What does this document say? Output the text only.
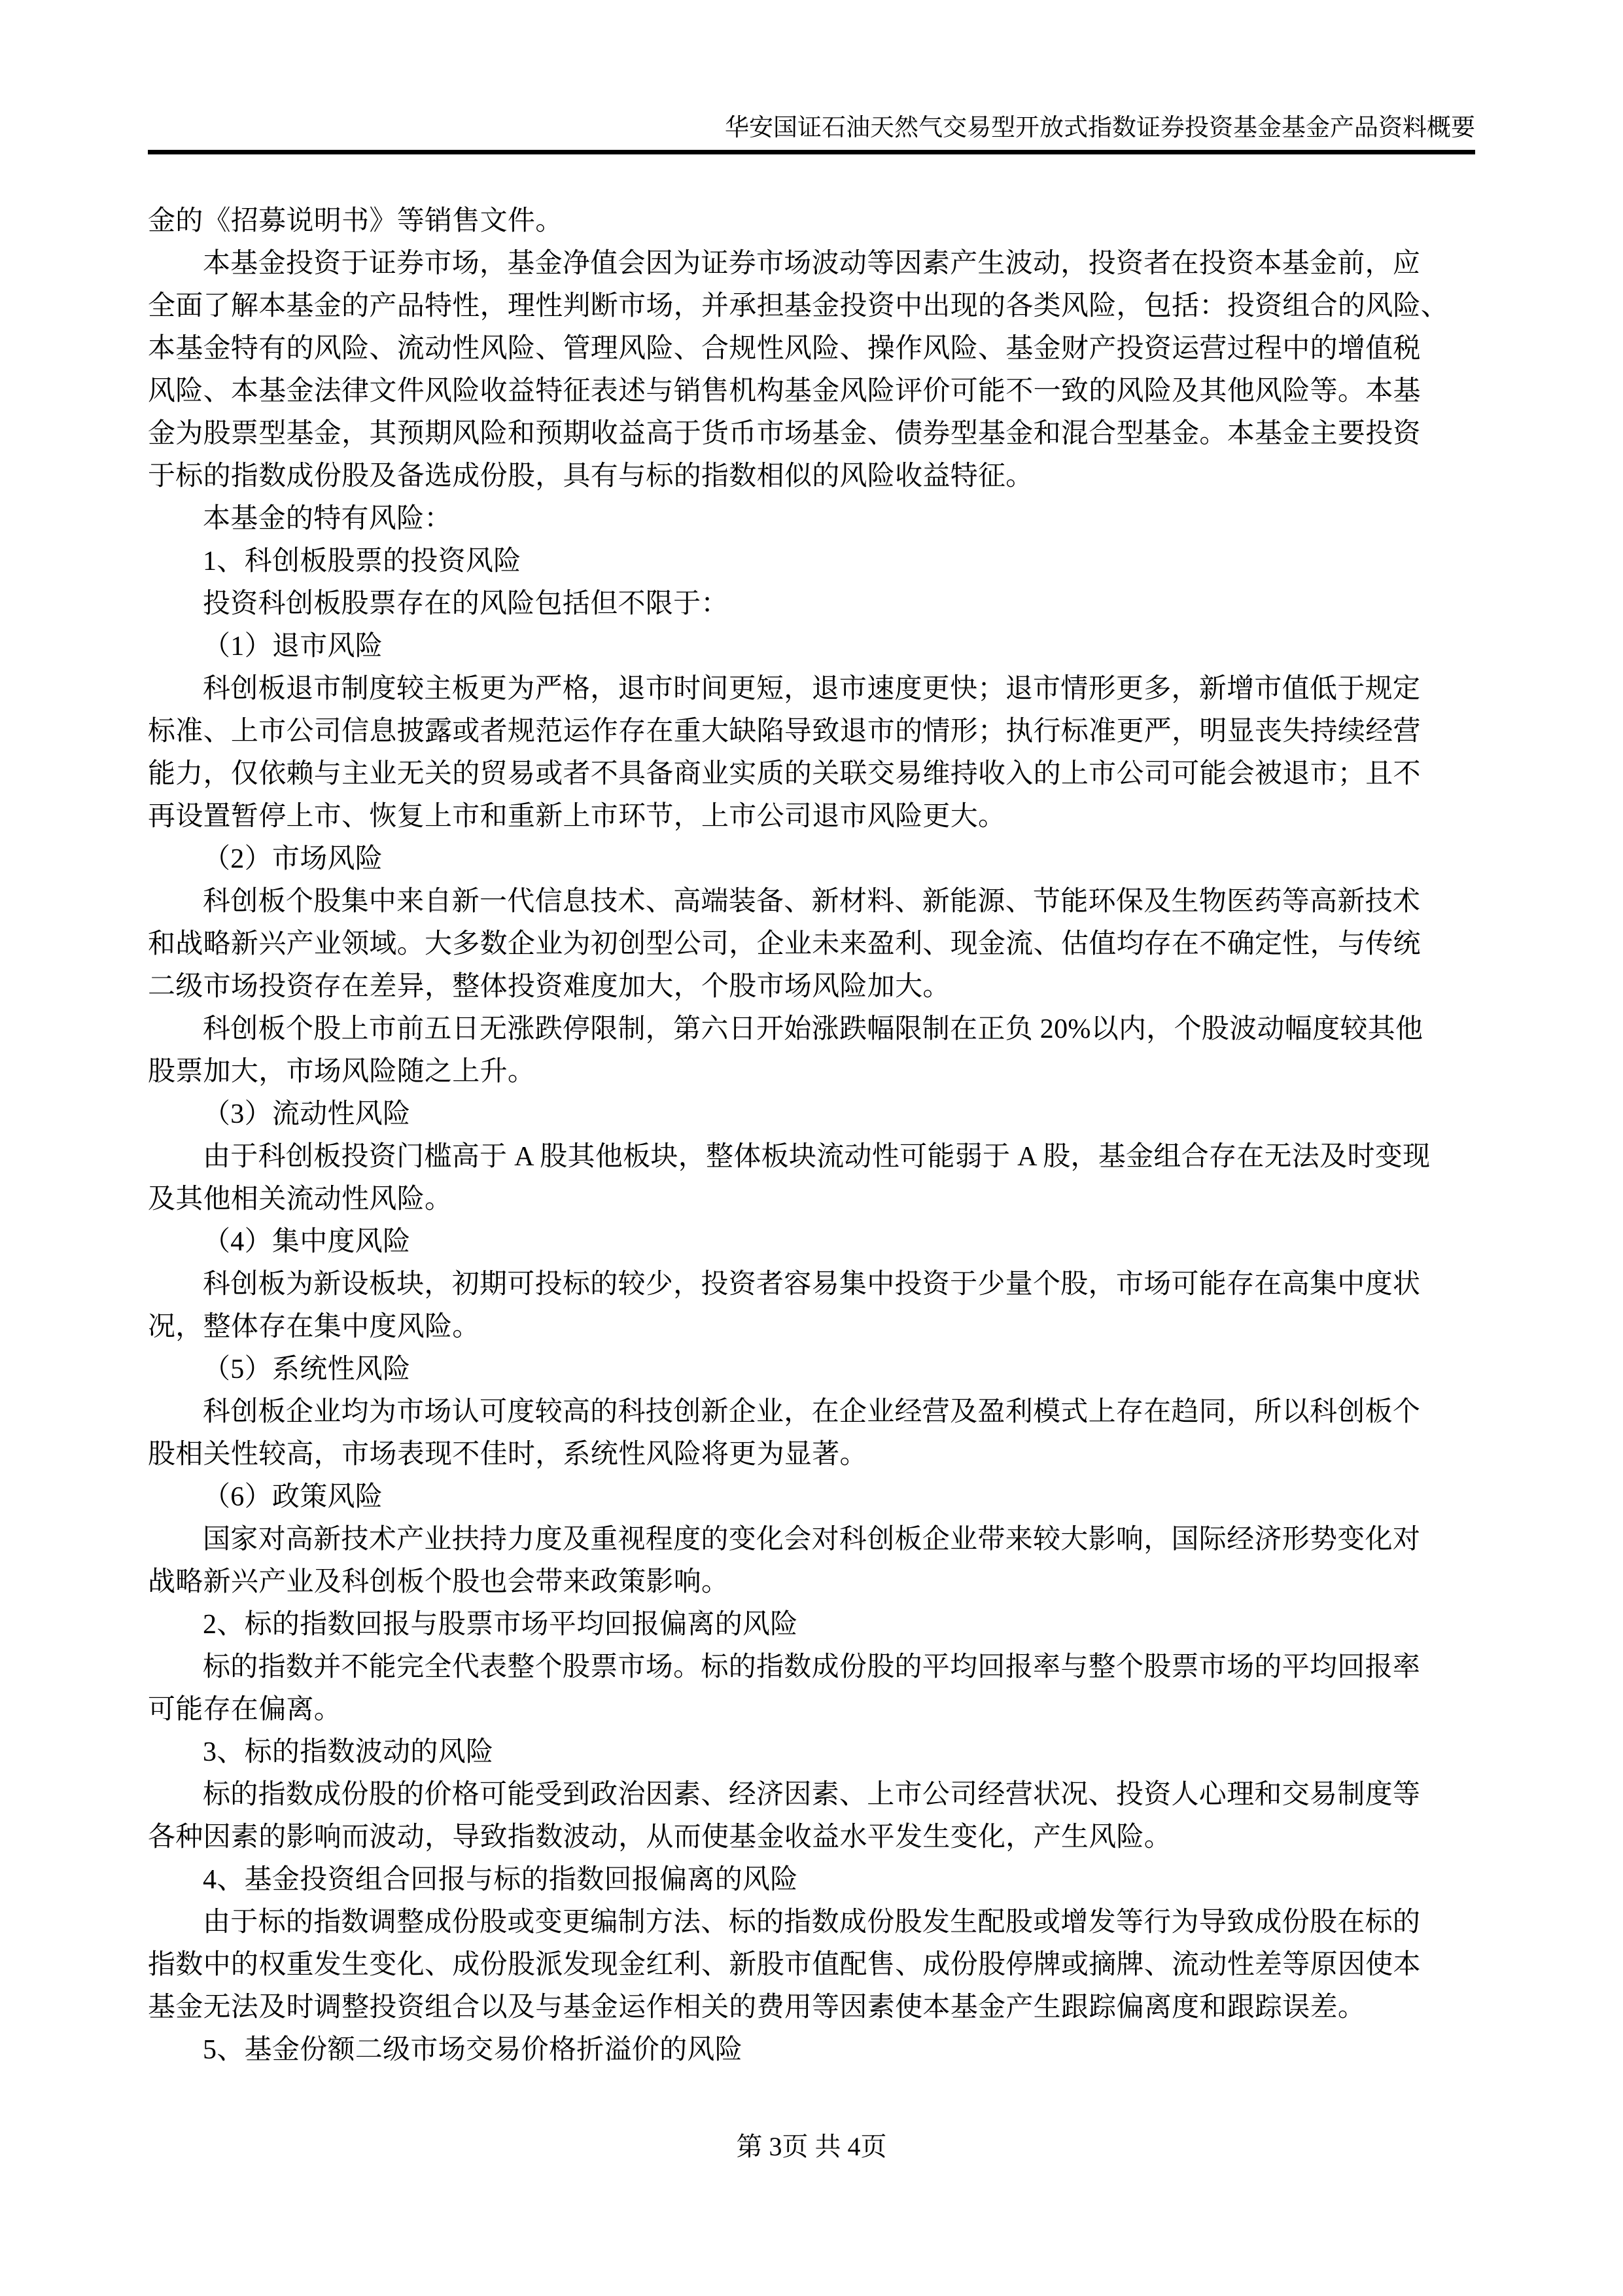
华安国证石油天然气交易型开放式指数证券投资基金基金产品资料概要
金的《招募说明书》等销售文件。
本基金投资于证券市场，基金净值会因为证券市场波动等因素产生波动，投资者在投资本基金前，应
全面了解本基金的产品特性，理性判断市场，并承担基金投资中出现的各类风险，包括：投资组合的风险、
本基金特有的风险、流动性风险、管理风险、合规性风险、操作风险、基金财产投资运营过程中的增值税
风险、本基金法律文件风险收益特征表述与销售机构基金风险评价可能不一致的风险及其他风险等。本基
金为股票型基金，其预期风险和预期收益高于货币市场基金、债券型基金和混合型基金。本基金主要投资
于标的指数成份股及备选成份股，具有与标的指数相似的风险收益特征。
本基金的特有风险：
1、科创板股票的投资风险
投资科创板股票存在的风险包括但不限于：
（1）退市风险
科创板退市制度较主板更为严格，退市时间更短，退市速度更快；退市情形更多，新增市值低于规定
标准、上市公司信息披露或者规范运作存在重大缺陷导致退市的情形；执行标准更严，明显丧失持续经营
能力，仅依赖与主业无关的贸易或者不具备商业实质的关联交易维持收入的上市公司可能会被退市；且不
再设置暂停上市、恢复上市和重新上市环节，上市公司退市风险更大。
（2）市场风险
科创板个股集中来自新一代信息技术、高端装备、新材料、新能源、节能环保及生物医药等高新技术
和战略新兴产业领域。大多数企业为初创型公司，企业未来盈利、现金流、估值均存在不确定性，与传统
二级市场投资存在差异，整体投资难度加大，个股市场风险加大。
科创板个股上市前五日无涨跌停限制，第六日开始涨跌幅限制在正负 20%以内，个股波动幅度较其他
股票加大，市场风险随之上升。
（3）流动性风险
由于科创板投资门槛高于 A 股其他板块，整体板块流动性可能弱于 A 股，基金组合存在无法及时变现
及其他相关流动性风险。
（4）集中度风险
科创板为新设板块，初期可投标的较少，投资者容易集中投资于少量个股，市场可能存在高集中度状
况，整体存在集中度风险。
（5）系统性风险
科创板企业均为市场认可度较高的科技创新企业，在企业经营及盈利模式上存在趋同，所以科创板个
股相关性较高，市场表现不佳时，系统性风险将更为显著。
（6）政策风险
国家对高新技术产业扶持力度及重视程度的变化会对科创板企业带来较大影响，国际经济形势变化对
战略新兴产业及科创板个股也会带来政策影响。
2、标的指数回报与股票市场平均回报偏离的风险
标的指数并不能完全代表整个股票市场。标的指数成份股的平均回报率与整个股票市场的平均回报率
可能存在偏离。
3、标的指数波动的风险
标的指数成份股的价格可能受到政治因素、经济因素、上市公司经营状况、投资人心理和交易制度等
各种因素的影响而波动，导致指数波动，从而使基金收益水平发生变化，产生风险。
4、基金投资组合回报与标的指数回报偏离的风险
由于标的指数调整成份股或变更编制方法、标的指数成份股发生配股或增发等行为导致成份股在标的
指数中的权重发生变化、成份股派发现金红利、新股市值配售、成份股停牌或摘牌、流动性差等原因使本
基金无法及时调整投资组合以及与基金运作相关的费用等因素使本基金产生跟踪偏离度和跟踪误差。
5、基金份额二级市场交易价格折溢价的风险
第 3页 共 4页
